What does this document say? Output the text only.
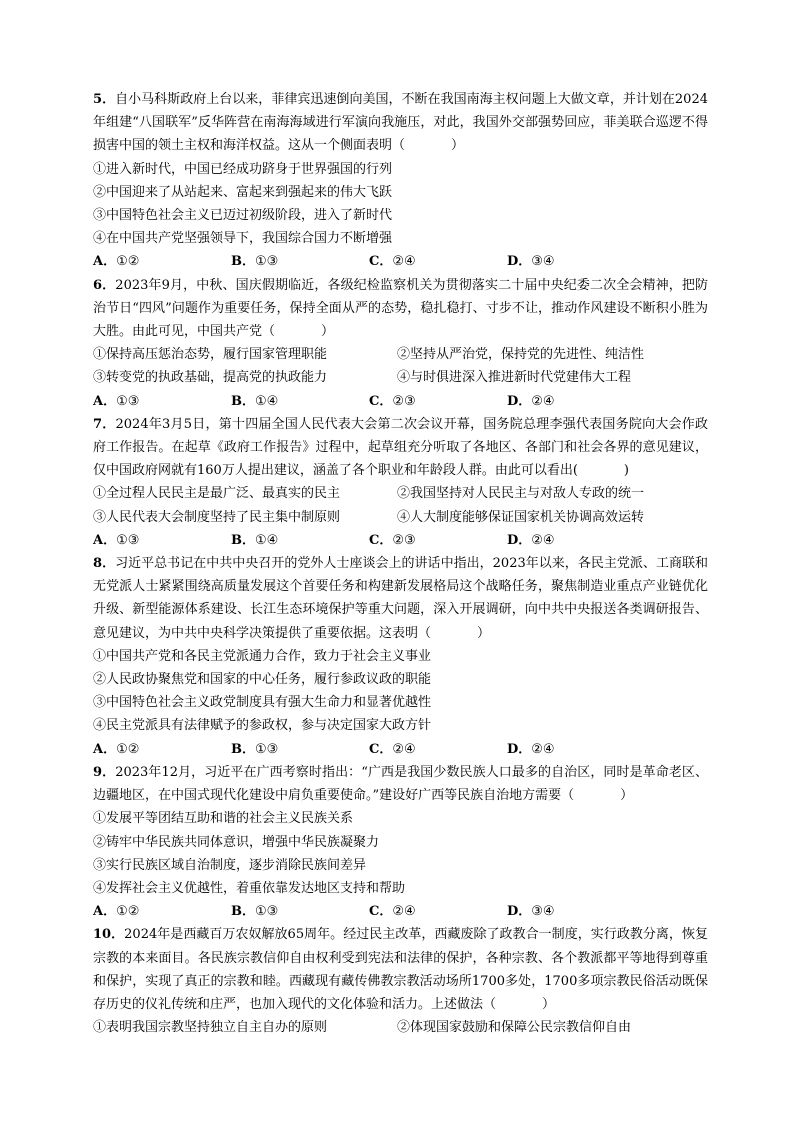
5．自小马科斯政府上台以来，菲律宾迅速倒向美国，不断在我国南海主权问题上大做文章，并计划在2024年组建“八国联军”反华阵营在南海海域进行军演向我施压，对此，我国外交部强势回应，菲美联合巡逻不得损害中国的领土主权和海洋权益。这从一个侧面表明（	）

①进入新时代，中国已经成功跻身于世界强国的行列

②中国迎来了从站起来、富起来到强起来的伟大飞跃

③中国特色社会主义已迈过初级阶段，进入了新时代

④在中国共产党坚强领导下，我国综合国力不断增强

A．①②	B．①③	C．②④	D．③④

6．2023年9月，中秋、国庆假期临近，各级纪检监察机关为贯彻落实二十届中央纪委二次全会精神，把防治节日“四风”问题作为重要任务，保持全面从严的态势，稳扎稳打、寸步不让，推动作风建设不断积小胜为大胜。由此可见，中国共产党（	）

①保持高压惩治态势，履行国家管理职能	②坚持从严治党，保持党的先进性、纯洁性
③转变党的执政基础，提高党的执政能力	④与时俱进深入推进新时代党建伟大工程
A．①③	B．①④	C．②③	D．②④

7．2024年3月5日，第十四届全国人民代表大会第二次会议开幕，国务院总理李强代表国务院向大会作政府工作报告。在起草《政府工作报告》过程中，起草组充分听取了各地区、各部门和社会各界的意见建议，仅中国政府网就有160万人提出建议，涵盖了各个职业和年龄段人群。由此可以看出(	)

①全过程人民民主是最广泛、最真实的民主	②我国坚持对人民民主与对敌人专政的统一
③人民代表大会制度坚持了民主集中制原则	④人大制度能够保证国家机关协调高效运转
A．①③	B．①④	C．②③	D．②④

8．习近平总书记在中共中央召开的党外人士座谈会上的讲话中指出，2023年以来，各民主党派、工商联和无党派人士紧紧围绕高质量发展这个首要任务和构建新发展格局这个战略任务，聚焦制造业重点产业链优化升级、新型能源体系建设、长江生态环境保护等重大问题，深入开展调研，向中共中央报送各类调研报告、意见建议，为中共中央科学决策提供了重要依据。这表明（	）

①中国共产党和各民主党派通力合作，致力于社会主义事业

②人民政协聚焦党和国家的中心任务，履行参政议政的职能

③中国特色社会主义政党制度具有强大生命力和显著优越性

④民主党派具有法律赋予的参政权，参与决定国家大政方针

A．①②	B．①③	C．②④	D．②④

9．2023年12月，习近平在广西考察时指出：“广西是我国少数民族人口最多的自治区，同时是革命老区、边疆地区，在中国式现代化建设中肩负重要使命。”建设好广西等民族自治地方需要（	）

①发展平等团结互助和谐的社会主义民族关系

②铸牢中华民族共同体意识，增强中华民族凝聚力

③实行民族区域自治制度，逐步消除民族间差异

④发挥社会主义优越性，着重依靠发达地区支持和帮助

A．①②	B．①③	C．②④	D．③④

10．2024年是西藏百万农奴解放65周年。经过民主改革，西藏废除了政教合一制度，实行政教分离，恢复宗教的本来面目。各民族宗教信仰自由权利受到宪法和法律的保护，各种宗教、各个教派都平等地得到尊重和保护，实现了真正的宗教和睦。西藏现有藏传佛教宗教活动场所1700多处，1700多项宗教民俗活动既保存历史的仪礼传统和庄严，也加入现代的文化体验和活力。上述做法（	）

①表明我国宗教坚持独立自主自办的原则	②体现国家鼓励和保障公民宗教信仰自由
